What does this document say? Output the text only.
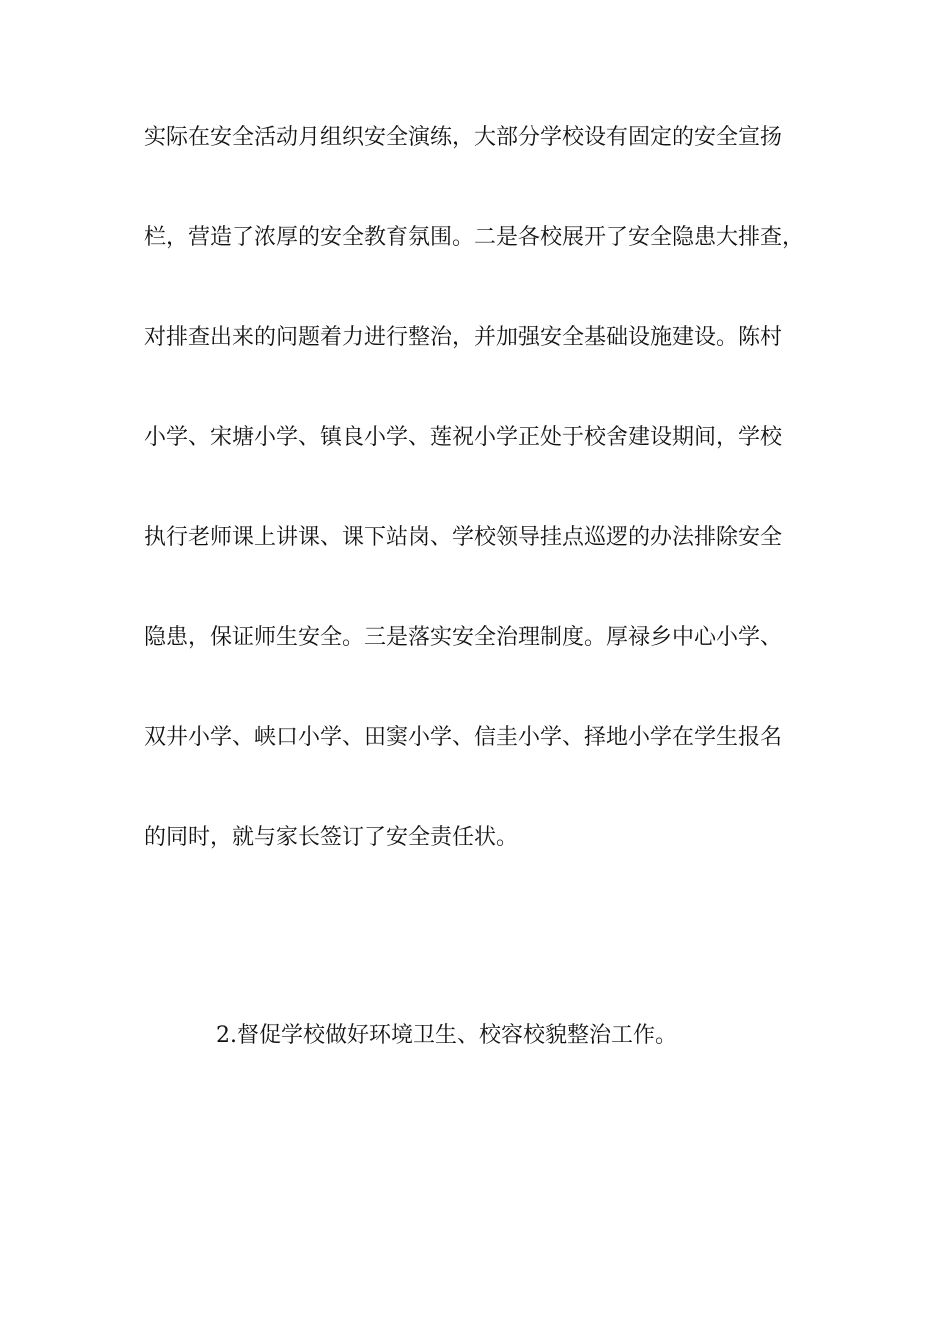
实际在安全活动月组织安全演练，大部分学校设有固定的安全宣扬
栏，营造了浓厚的安全教育氛围。二是各校展开了安全隐患大排查，
对排查出来的问题着力进行整治，并加强安全基础设施建设。陈村
小学、宋塘小学、镇良小学、莲祝小学正处于校舍建设期间，学校
执行老师课上讲课、课下站岗、学校领导挂点巡逻的办法排除安全
隐患，保证师生安全。三是落实安全治理制度。厚禄乡中心小学、
双井小学、峡口小学、田窦小学、信圭小学、择地小学在学生报名
的同时，就与家长签订了安全责任状。
2.督促学校做好环境卫生、校容校貌整治工作。
